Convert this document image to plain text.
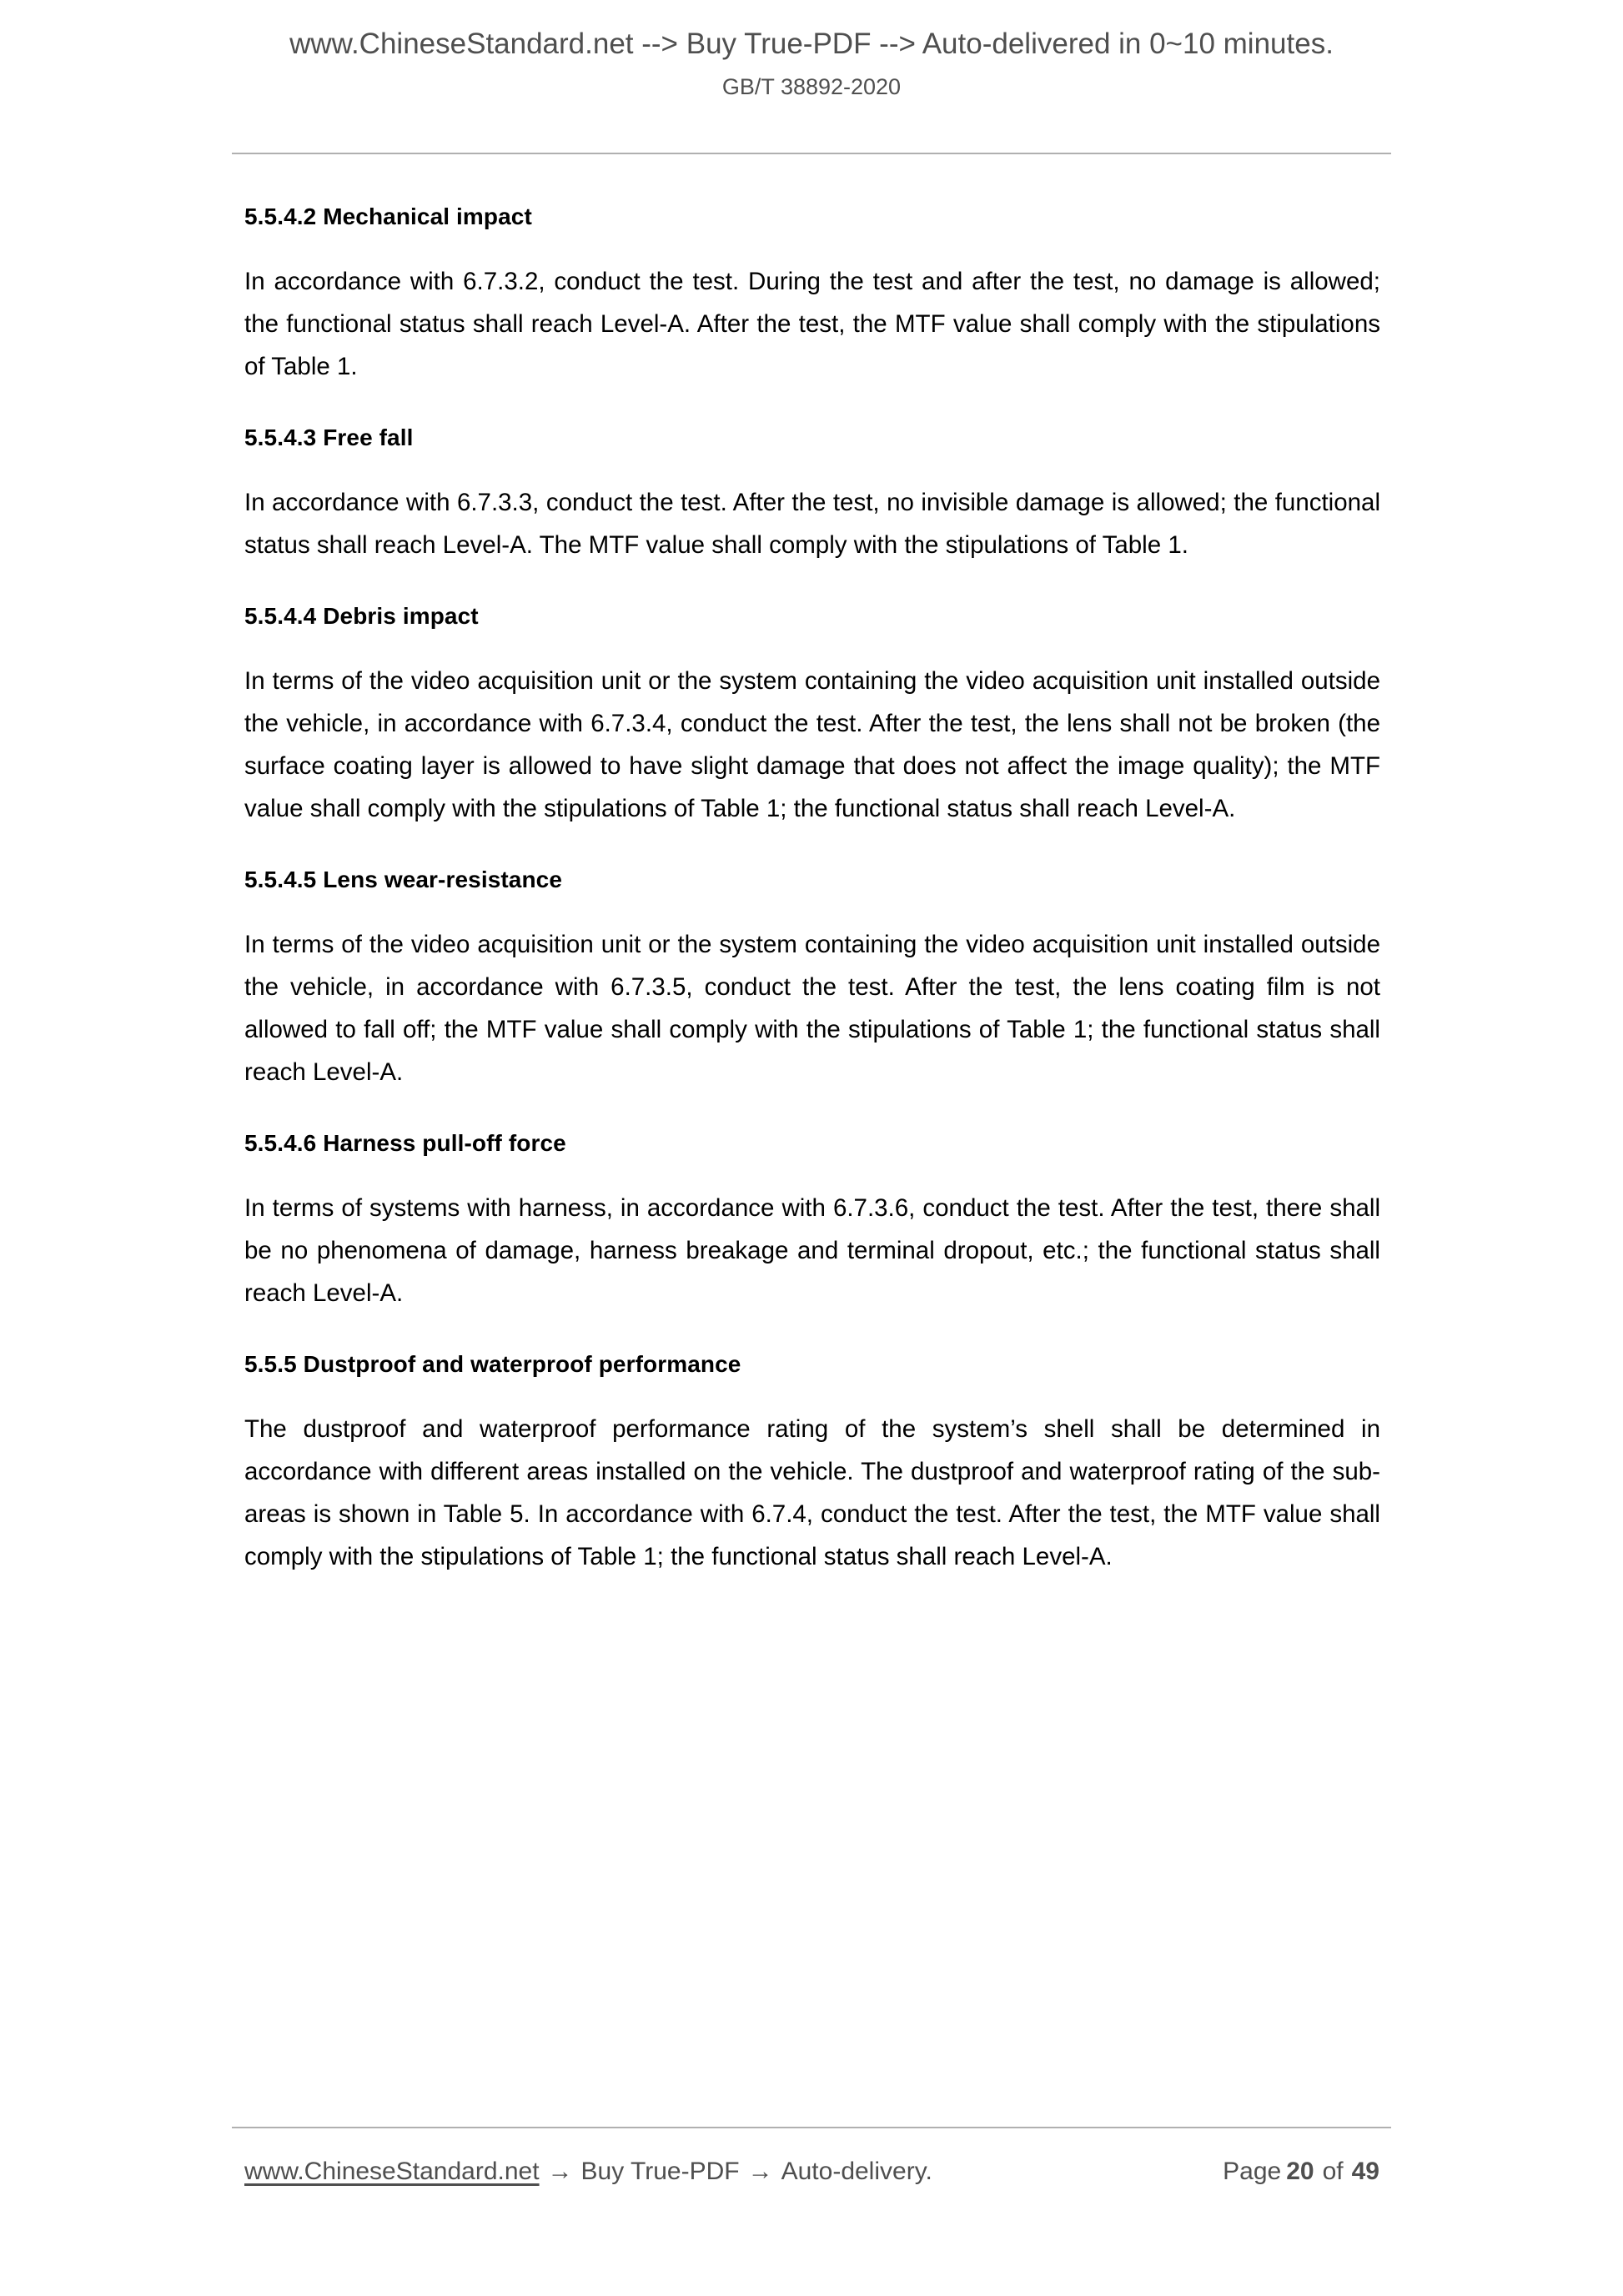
www.ChineseStandard.net --> Buy True-PDF --> Auto-delivered in 0~10 minutes.
GB/T 38892-2020
5.5.4.2 Mechanical impact

In accordance with 6.7.3.2, conduct the test. During the test and after the test, no damage is allowed; the functional status shall reach Level-A. After the test, the MTF value shall comply with the stipulations of Table 1.

5.5.4.3 Free fall

In accordance with 6.7.3.3, conduct the test. After the test, no invisible damage is allowed; the functional status shall reach Level-A. The MTF value shall comply with the stipulations of Table 1.

5.5.4.4 Debris impact

In terms of the video acquisition unit or the system containing the video acquisition unit installed outside the vehicle, in accordance with 6.7.3.4, conduct the test. After the test, the lens shall not be broken (the surface coating layer is allowed to have slight damage that does not affect the image quality); the MTF value shall comply with the stipulations of Table 1; the functional status shall reach Level-A.

5.5.4.5 Lens wear-resistance

In terms of the video acquisition unit or the system containing the video acquisition unit installed outside the vehicle, in accordance with 6.7.3.5, conduct the test. After the test, the lens coating film is not allowed to fall off; the MTF value shall comply with the stipulations of Table 1; the functional status shall reach Level-A.

5.5.4.6 Harness pull-off force

In terms of systems with harness, in accordance with 6.7.3.6, conduct the test. After the test, there shall be no phenomena of damage, harness breakage and terminal dropout, etc.; the functional status shall reach Level-A.

5.5.5 Dustproof and waterproof performance

The dustproof and waterproof performance rating of the system’s shell shall be determined in accordance with different areas installed on the vehicle. The dustproof and waterproof rating of the sub-areas is shown in Table 5. In accordance with 6.7.4, conduct the test. After the test, the MTF value shall comply with the stipulations of Table 1; the functional status shall reach Level-A.

www.ChineseStandard.net → Buy True-PDF → Auto-delivery.	Page 20 of 49
